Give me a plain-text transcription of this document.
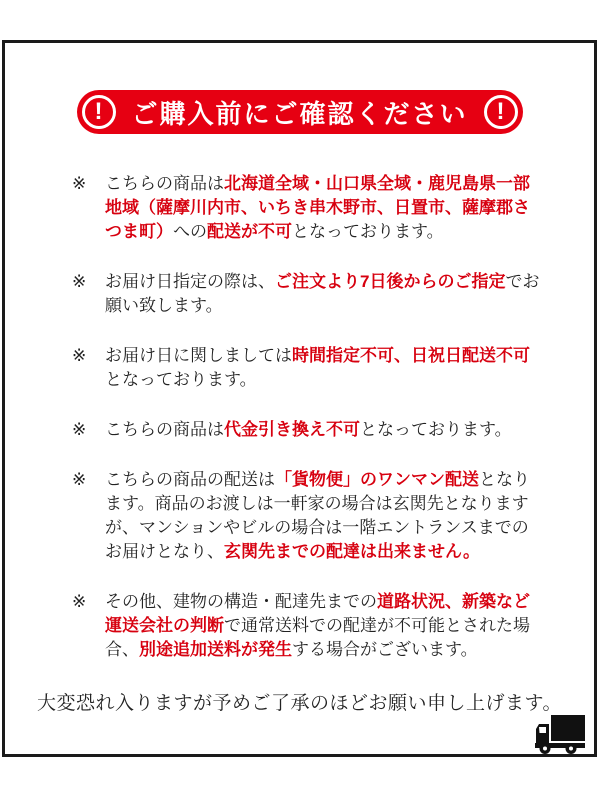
!	ご購入前にご確認ください	!
※	こちらの商品は北海道全域・山口県全域・鹿児島県一部地域（薩摩川内市、いちき串木野市、日置市、薩摩郡さつま町）への配送が不可となっております。

※	お届け日指定の際は、ご注文より7日後からのご指定でお願い致します。

※	お届け日に関しましては時間指定不可、日祝日配送不可となっております。

※	こちらの商品は代金引き換え不可となっております。

※	こちらの商品の配送は「貨物便」のワンマン配送となります。商品のお渡しは一軒家の場合は玄関先となりますが、マンションやビルの場合は一階エントランスまでのお届けとなり、玄関先までの配達は出来ません。

※	その他、建物の構造・配達先までの道路状況、新築など運送会社の判断で通常送料での配達が不可能とされた場合、別途追加送料が発生する場合がございます。

大変恐れ入りますが予めご了承のほどお願い申し上げます。
